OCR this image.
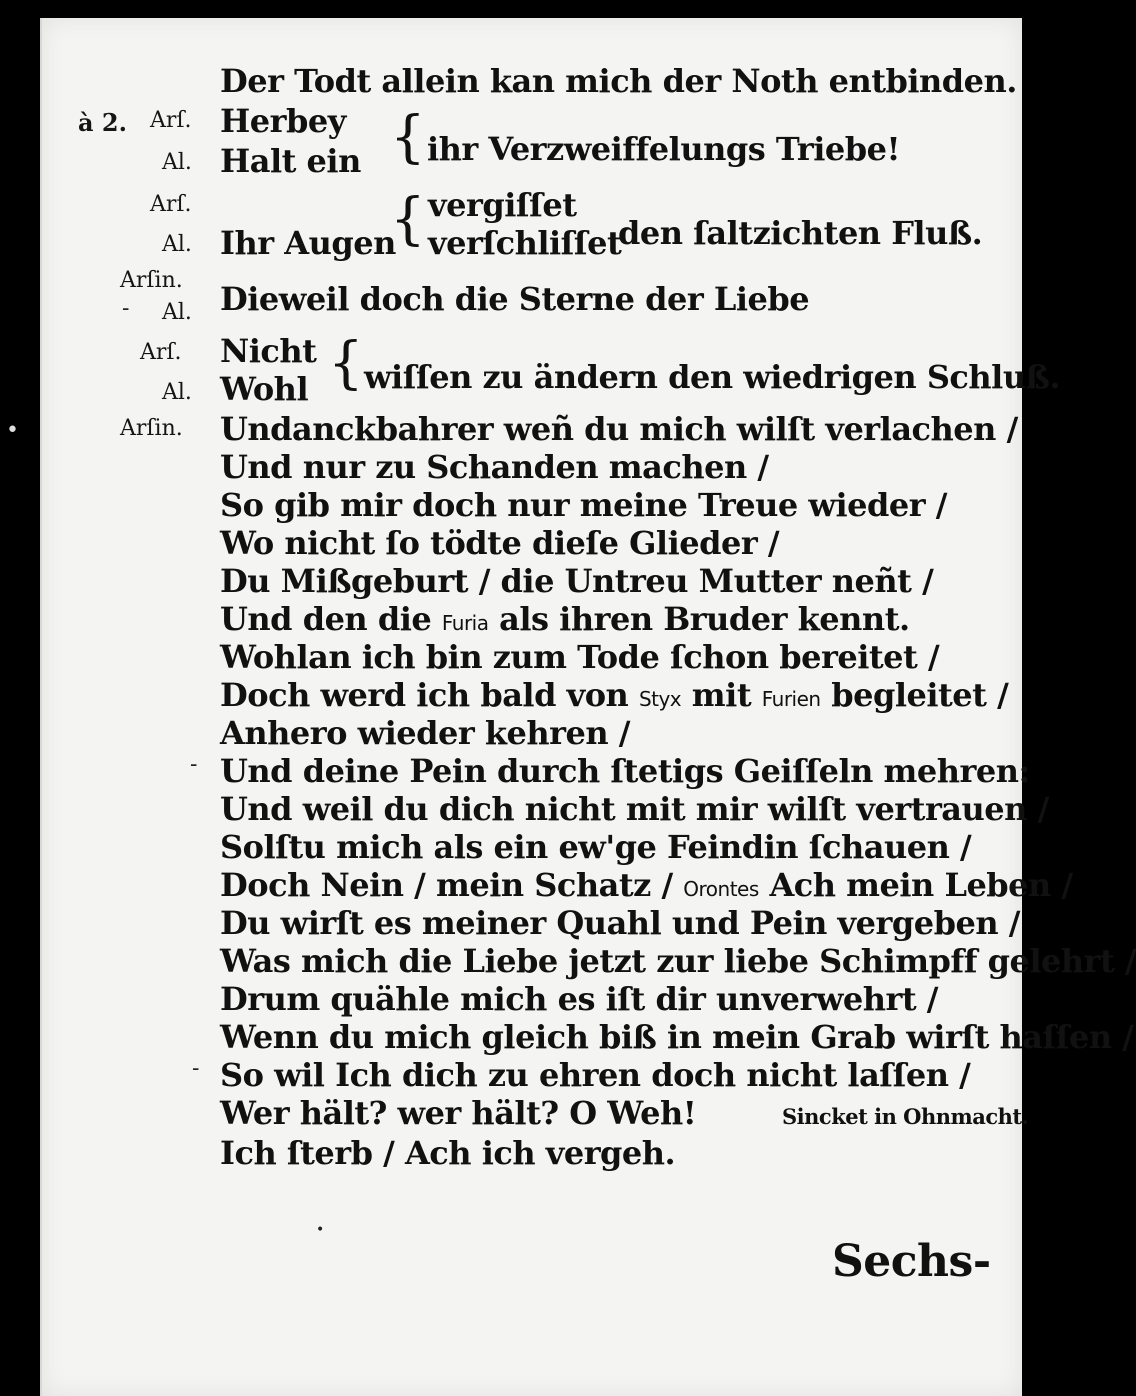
Der Todt allein kan mich der Noth entbinden.
à 2. Arſ. Herbey
Al. Halt ein { ihr Verzweiffelungs Triebe!
Arſ.	vergiſſet
Al. Ihr Augen
{ verſchliſſet
den ſaltzichten Fluß.
Arſin.
- Al. Dieweil doch die Sterne der Liebe
Arſ. Nicht
Al. Wohl { wiſſen zu ändern den wiedrigen Schluß.
•	Arſin. Undanckbahrer weñ du mich wilſt verlachen /
Und nur zu Schanden machen /
So gib mir doch nur meine Treue wieder /
Wo nicht ſo tödte dieſe Glieder /
Du Mißgeburt / die Untreu Mutter neñt /
Und den die Furia als ihren Bruder kennt.
Wohlan ich bin zum Tode ſchon bereitet /
Doch werd ich bald von Styx mit Furien begleitet /
Anhero wieder kehren /
- Und deine Pein durch ſtetigs Geiſſeln mehren:
Und weil du dich nicht mit mir wilſt vertrauen /
Solſtu mich als ein ew'ge Feindin ſchauen /
Doch Nein / mein Schatz / Orontes Ach mein Leben /
Du wirſt es meiner Quahl und Pein vergeben /
Was mich die Liebe jetzt zur liebe Schimpff gelehrt /
Drum quähle mich es iſt dir unverwehrt /
Wenn du mich gleich biß in mein Grab wirſt haſſen /
- So wil Ich dich zu ehren doch nicht laſſen /
Wer hält? wer hält? O Weh!	Sincket in Ohnmacht.
Ich ſterb / Ach ich vergeh.
•
Sechs-
